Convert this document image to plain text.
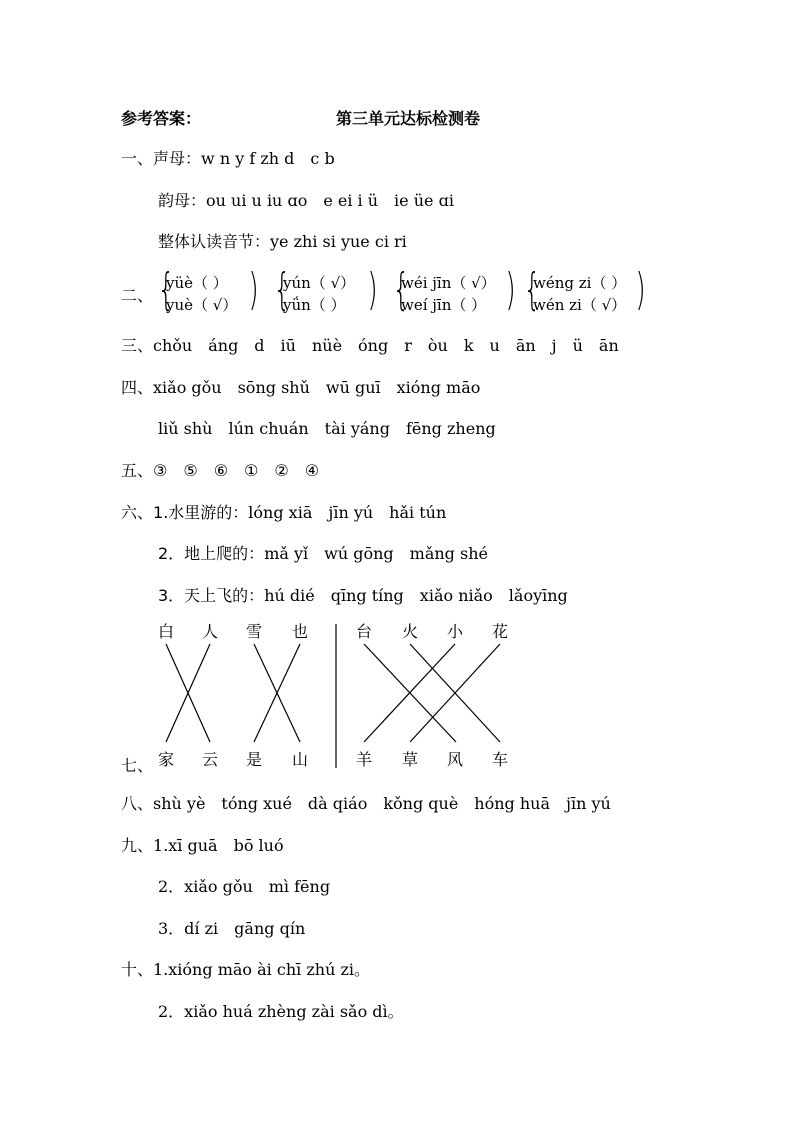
参考答案：	第三单元达标检测卷
一、声母：w n y f zh d　c b
韵母：ou ui u iu ɑo　e ei i ü　ie üe ɑi
整体认读音节：ye zhi si yue ci ri
二、 {
yüè（ ）
yuè（ √） ) {
yún（ √）
yǘn（ ） ) {
wéi jīn（ √）
weí jīn（ ） ) {
wéng zi（ ）
wén zi（ √） )
三、chǒu　áng　d　iū　nüè　óng　r　òu　k　u　ān　j　ü　ān
四、xiǎo gǒu　sōng shǔ　wū guī　xióng māo
liǔ shù　lún chuán　tài yáng　fēng zheng
五、③　⑤　⑥　①　②　④
六、1.水里游的：lóng xiā　jīn yú　hǎi tún
2．地上爬的：mǎ yǐ　wú gōng　mǎng shé
3．天上飞的：hú dié　qīng tíng　xiǎo niǎo　lǎoyīng
七、
白 人 雪 也
家 云 是 山
台 火 小 花
羊 草 风 车
八、shù yè　tóng xué　dà qiáo　kǒng què　hóng huā　jīn yú
九、1.xī guā　bō luó
2．xiǎo gǒu　mì fēng
3．dí zi　gāng qín
十、1.xióng māo ài chī zhú zi。
2．xiǎo huá zhèng zài sǎo dì。
